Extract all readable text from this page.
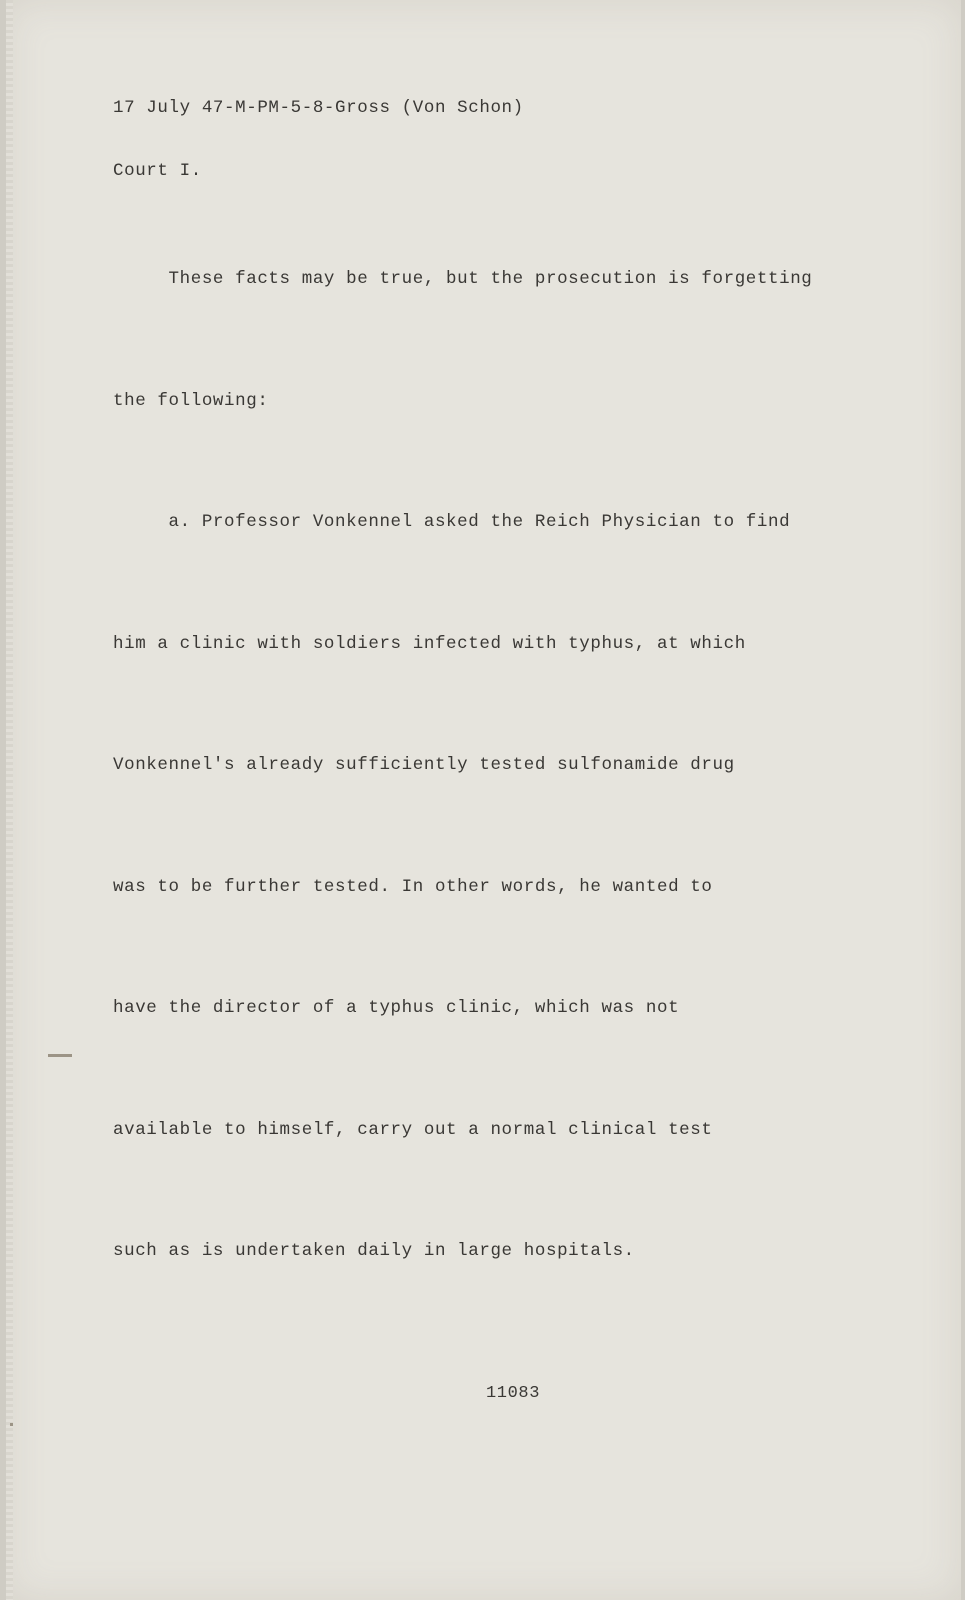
17 July 47-M-PM-5-8-Gross (Von Schon)

Court I.

These facts may be true, but the prosecution is forgetting

the following:

a. Professor Vonkennel asked the Reich Physician to find

him a clinic with soldiers infected with typhus, at which

Vonkennel's already sufficiently tested sulfonamide drug

was to be further tested. In other words, he wanted to

have the director of a typhus clinic, which was not

available to himself, carry out a normal clinical test

such as is undertaken daily in large hospitals.

11083
